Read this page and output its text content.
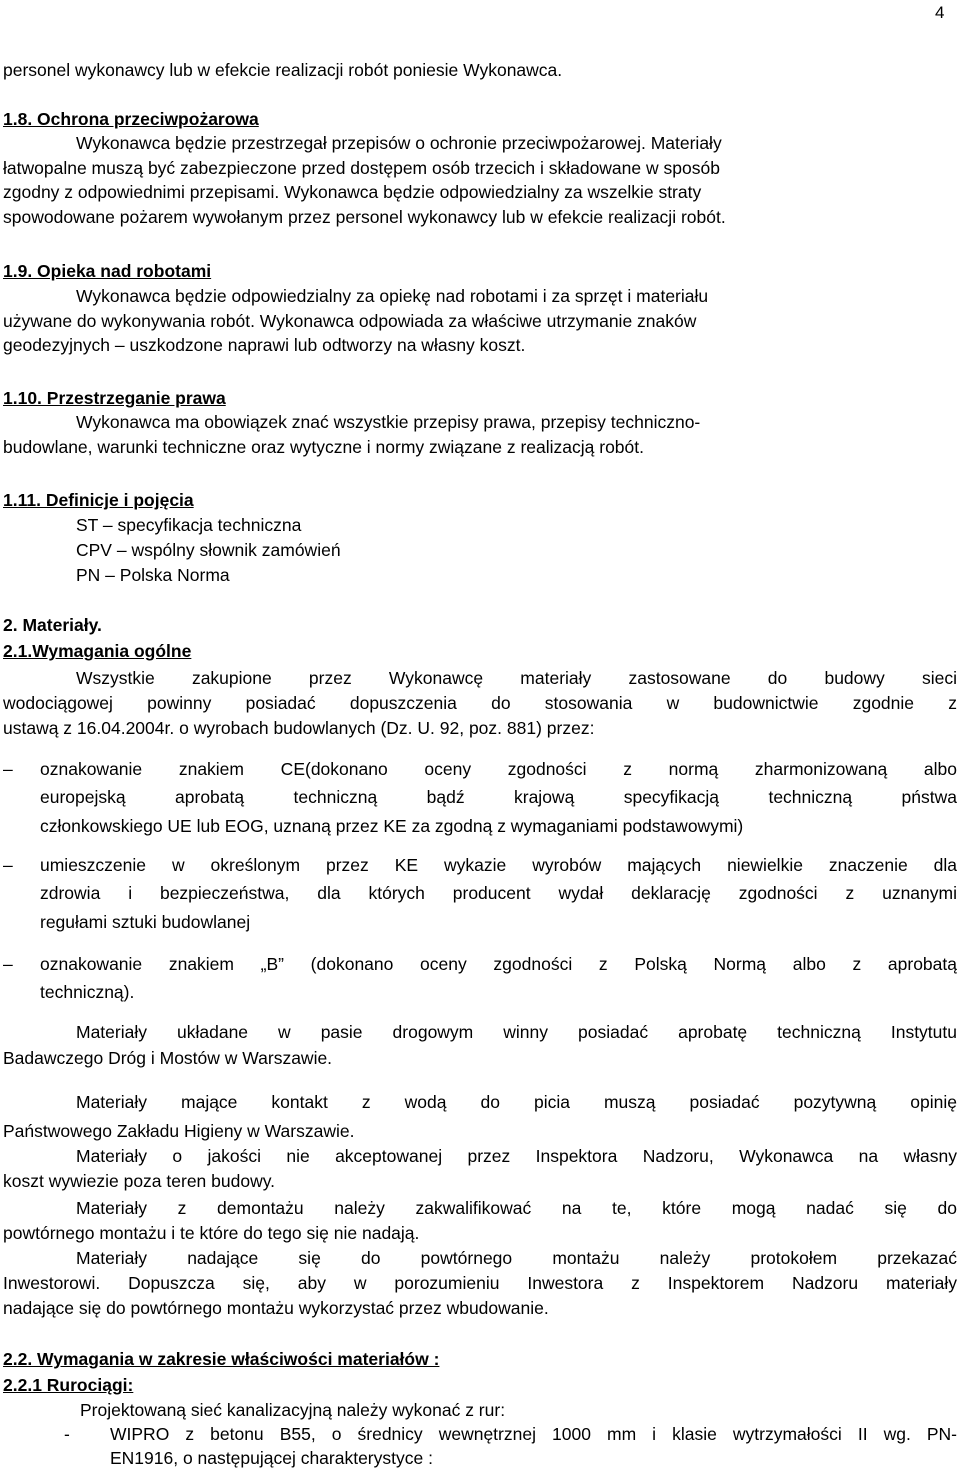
4
personel wykonawcy lub w efekcie realizacji robót poniesie Wykonawca.
1.8. Ochrona przeciwpożarowa
Wykonawca będzie przestrzegał przepisów o ochronie przeciwpożarowej. Materiały
łatwopalne muszą być zabezpieczone przed dostępem osób trzecich i składowane w sposób
zgodny z odpowiednimi przepisami. Wykonawca będzie odpowiedzialny za wszelkie straty
spowodowane pożarem wywołanym przez personel wykonawcy lub w efekcie realizacji robót.
1.9. Opieka nad robotami
Wykonawca będzie odpowiedzialny za opiekę nad robotami i za sprzęt i materiału
używane do wykonywania robót. Wykonawca odpowiada za właściwe utrzymanie znaków
geodezyjnych – uszkodzone naprawi lub odtworzy na własny koszt.
1.10. Przestrzeganie prawa
Wykonawca ma obowiązek znać wszystkie przepisy prawa, przepisy techniczno-
budowlane, warunki techniczne oraz wytyczne i normy związane z realizacją robót.
1.11. Definicje i pojęcia
ST – specyfikacja techniczna
CPV – wspólny słownik zamówień
PN – Polska Norma
2. Materiały.
2.1.Wymagania ogólne
Wszystkie zakupione przez Wykonawcę materiały zastosowane do budowy sieci
wodociągowej powinny posiadać dopuszczenia do stosowania w budownictwie zgodnie z
ustawą z 16.04.2004r. o wyrobach budowlanych (Dz. U. 92, poz. 881) przez:
– oznakowanie znakiem CE(dokonano oceny zgodności z normą zharmonizowaną albo
europejską aprobatą techniczną bądź krajową specyfikacją techniczną pństwa
członkowskiego UE lub EOG, uznaną przez KE za zgodną z wymaganiami podstawowymi)
– umieszczenie w określonym przez KE wykazie wyrobów mających niewielkie znaczenie dla
zdrowia i bezpieczeństwa, dla których producent wydał deklarację zgodności z uznanymi
regułami sztuki budowlanej
– oznakowanie znakiem „B” (dokonano oceny zgodności z Polską Normą albo z aprobatą
techniczną).
Materiały układane w pasie drogowym winny posiadać aprobatę techniczną Instytutu
Badawczego Dróg i Mostów w Warszawie.
Materiały mające kontakt z wodą do picia muszą posiadać pozytywną opinię
Państwowego Zakładu Higieny w Warszawie.
Materiały o jakości nie akceptowanej przez Inspektora Nadzoru, Wykonawca na własny
koszt wywiezie poza teren budowy.
Materiały z demontażu należy zakwalifikować na te, które mogą nadać się do
powtórnego montażu i te które do tego się nie nadają.
Materiały nadające się do powtórnego montażu należy protokołem przekazać
Inwestorowi. Dopuszcza się, aby w porozumieniu Inwestora z Inspektorem Nadzoru materiały
nadające się do powtórnego montażu wykorzystać przez wbudowanie.
2.2. Wymagania w zakresie właściwości materiałów :
2.2.1 Rurociągi:
Projektowaną sieć kanalizacyjną należy wykonać z rur:
- WIPRO z betonu B55, o średnicy wewnętrznej 1000 mm i klasie wytrzymałości II wg. PN-
EN1916, o następującej charakterystyce :
